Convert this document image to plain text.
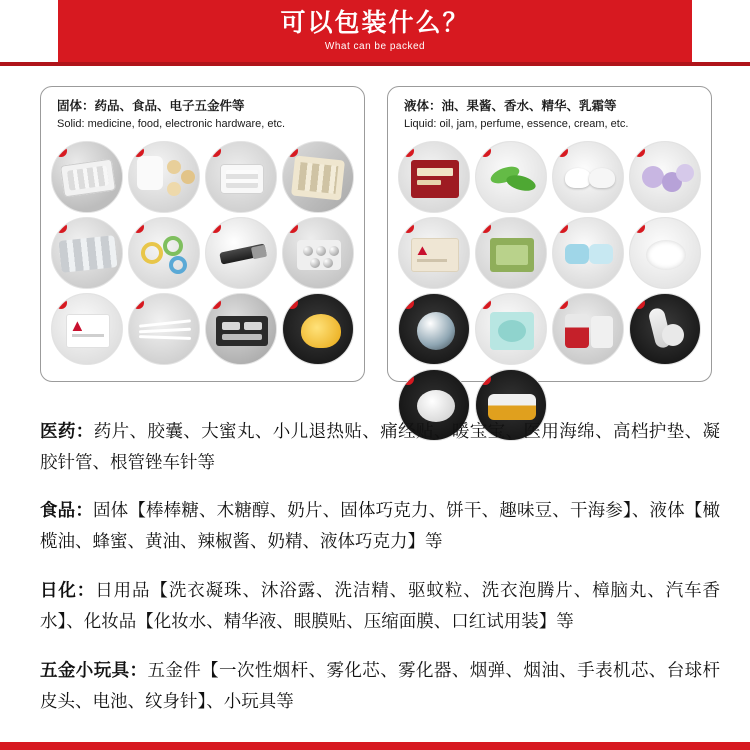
可以包装什么？
What can be packed
固体：药品、食品、电子五金件等
Solid: medicine, food, electronic hardware, etc.
❤	❤	❤	❤
❤	❤	❤	❤
❤	❤	❤	❤
液体：油、果酱、香水、精华、乳霜等
Liquid: oil, jam, perfume, essence, cream, etc.
❤	❤	❤	❤
❤	❤	❤	❤
❤	❤	❤	❤
❤	❤

医药：药片、胶囊、大蜜丸、小儿退热贴、痛经贴、暖宝宝、医用海绵、高档护垫、凝胶针管、根管锉车针等

食品：固体【棒棒糖、木糖醇、奶片、固体巧克力、饼干、趣味豆、干海参】、液体【橄榄油、蜂蜜、黄油、辣椒酱、奶精、液体巧克力】等

日化：日用品【洗衣凝珠、沐浴露、洗洁精、驱蚊粒、洗衣泡腾片、樟脑丸、汽车香水】、化妆品【化妆水、精华液、眼膜贴、压缩面膜、口红试用装】等

五金小玩具：五金件【一次性烟杆、雾化芯、雾化器、烟弹、烟油、手表机芯、台球杆皮头、电池、纹身针】、小玩具等
